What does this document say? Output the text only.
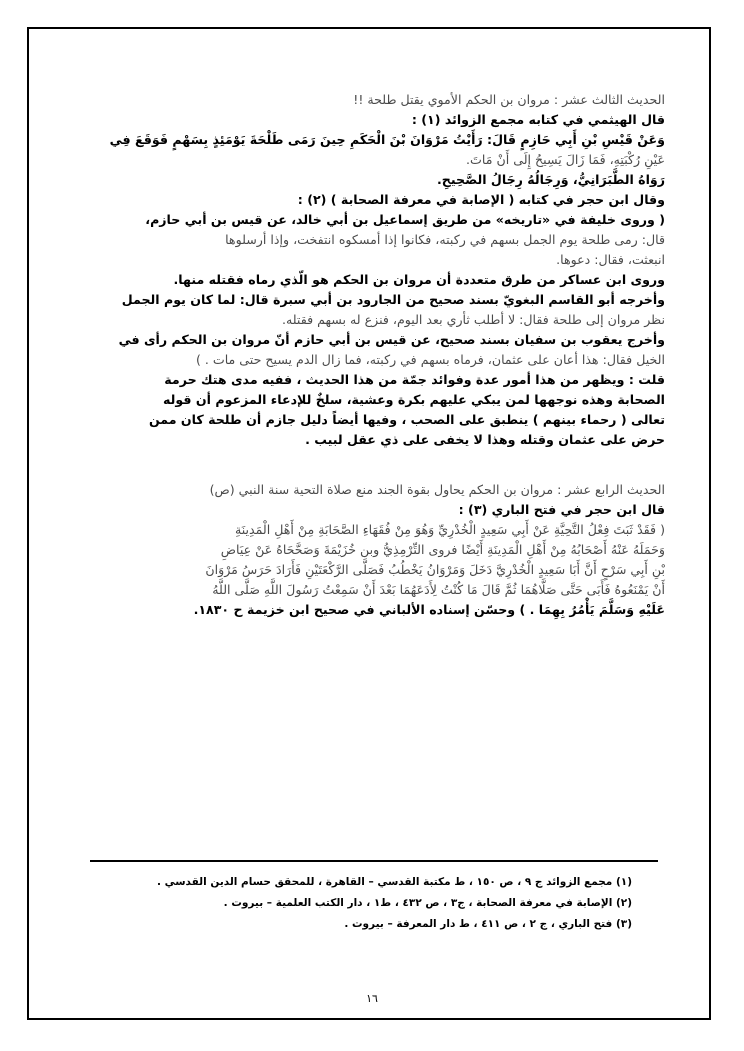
الحديث الثالث عشر : مروان بن الحكم الأموي يقتل طلحة !!

قال الهيثمي في كتابه مجمع الزوائد (١) :

وَعَنْ قَيْسِ بْنِ أَبِي حَازِمٍ قَالَ: رَأَيْتُ مَرْوَانَ بْنَ الْحَكَمِ حِينَ رَمَى طَلْحَةَ يَوْمَئِذٍ بِسَهْمٍ فَوَقَعَ فِي

عَيْنِ رُكْبَتِهِ، فَمَا زَالَ يَسِيحُ إِلَى أَنْ مَاتَ.

رَوَاهُ الطَّبَرَانِيُّ، وَرِجَالُهُ رِجَالُ الصَّحِيحِ.

وقال ابن حجر في كتابه ( الإصابة في معرفة الصحابة ) (٢) :

( وروى خليفة في «تاريخه» من طريق إسماعيل بن أبي خالد، عن قيس بن أبي حازم،

قال: رمى طلحة يوم الجمل بسهم في ركبته، فكانوا إذا أمسكوه انتفخت، وإذا أرسلوها

انبعثت، فقال: دعوها.

وروى ابن عساكر من طرق متعددة أن مروان بن الحكم هو الّذي رماه فقتله منها.

وأخرجه أبو القاسم البغويّ بسند صحيح من الجارود بن أبي سبرة قال: لما كان يوم الجمل

نظر مروان إلى طلحة فقال: لا أطلب ثأري بعد اليوم، فنزع له بسهم فقتله.

وأخرج يعقوب بن سفيان بسند صحيح، عن قيس بن أبي حازم أنّ مروان بن الحكم رأى في

الخيل فقال: هذا أعان على عثمان، فرماه بسهم في ركبته، فما زال الدم يسيح حتى مات . )

قلت : ويظهر من هذا أمور عدة وفوائد جمّة من هذا الحديث ، ففيه مدى هتك حرمة

الصحابة وهذه نوجهها لمن يبكي عليهم بكرة وعشية، سلخٌ للإدعاء المزعوم أن قوله

تعالى ( رحماء بينهم ) ينطبق على الصحب ، وفيها أيضاً دليل جازم أن طلحة كان ممن

حرض على عثمان وقتله وهذا لا يخفى على ذي عقل لبيب .

الحديث الرابع عشر : مروان بن الحكم يحاول بقوة الجند منع صلاة التحية سنة النبي (ص)

قال ابن حجر في فتح الباري (٣) :

( فَقَدْ ثَبَتَ فِعْلُ التَّحِيَّةِ عَنْ أَبِي سَعِيدٍ الْخُدْرِيِّ وَهُوَ مِنْ فُقَهَاءِ الصَّحَابَةِ مِنْ أَهْلِ الْمَدِينَةِ

وَحَمَلَهُ عَنْهُ أَصْحَابُهُ مِنْ أَهْلِ الْمَدِينَةِ أَيْضًا فروى التِّرْمِذِيُّ وبن خُزَيْمَةَ وَصَحَّحَاهُ عَنْ عِيَاضِ

بْنِ أَبِي سَرْحٍ أَنَّ أَبَا سَعِيدٍ الْخُدْرِيَّ دَخَلَ وَمَرْوَانُ يَخْطُبُ فَصَلَّى الرَّكْعَتَيْنِ فَأَرَادَ حَرَسُ مَرْوَانَ

أَنْ يَمْنَعُوهُ فَأَبَى حَتَّى صَلَّاهُمَا ثُمَّ قَالَ مَا كُنْتُ لِأَدَعَهُمَا بَعْدَ أَنْ سَمِعْتُ رَسُولَ اللَّهِ صَلَّى اللَّهُ

عَلَيْهِ وَسَلَّمَ يَأْمُرُ بِهِمَا . ) وحسّن إسناده الألباني في صحيح ابن خزيمة ح ١٨٣٠.

(١) مجمع الزوائد ج ٩ ، ص ١٥٠ ، ط مكتبة القدسي – القاهرة ، للمحقق حسام الدين القدسي .

(٢) الإصابة في معرفة الصحابة ، ج٣ ، ص ٤٣٢ ، ط١ ، دار الكتب العلمية – بيروت .

(٣) فتح الباري ، ج ٢ ، ص ٤١١ ، ط دار المعرفة – بيروت .

١٦
